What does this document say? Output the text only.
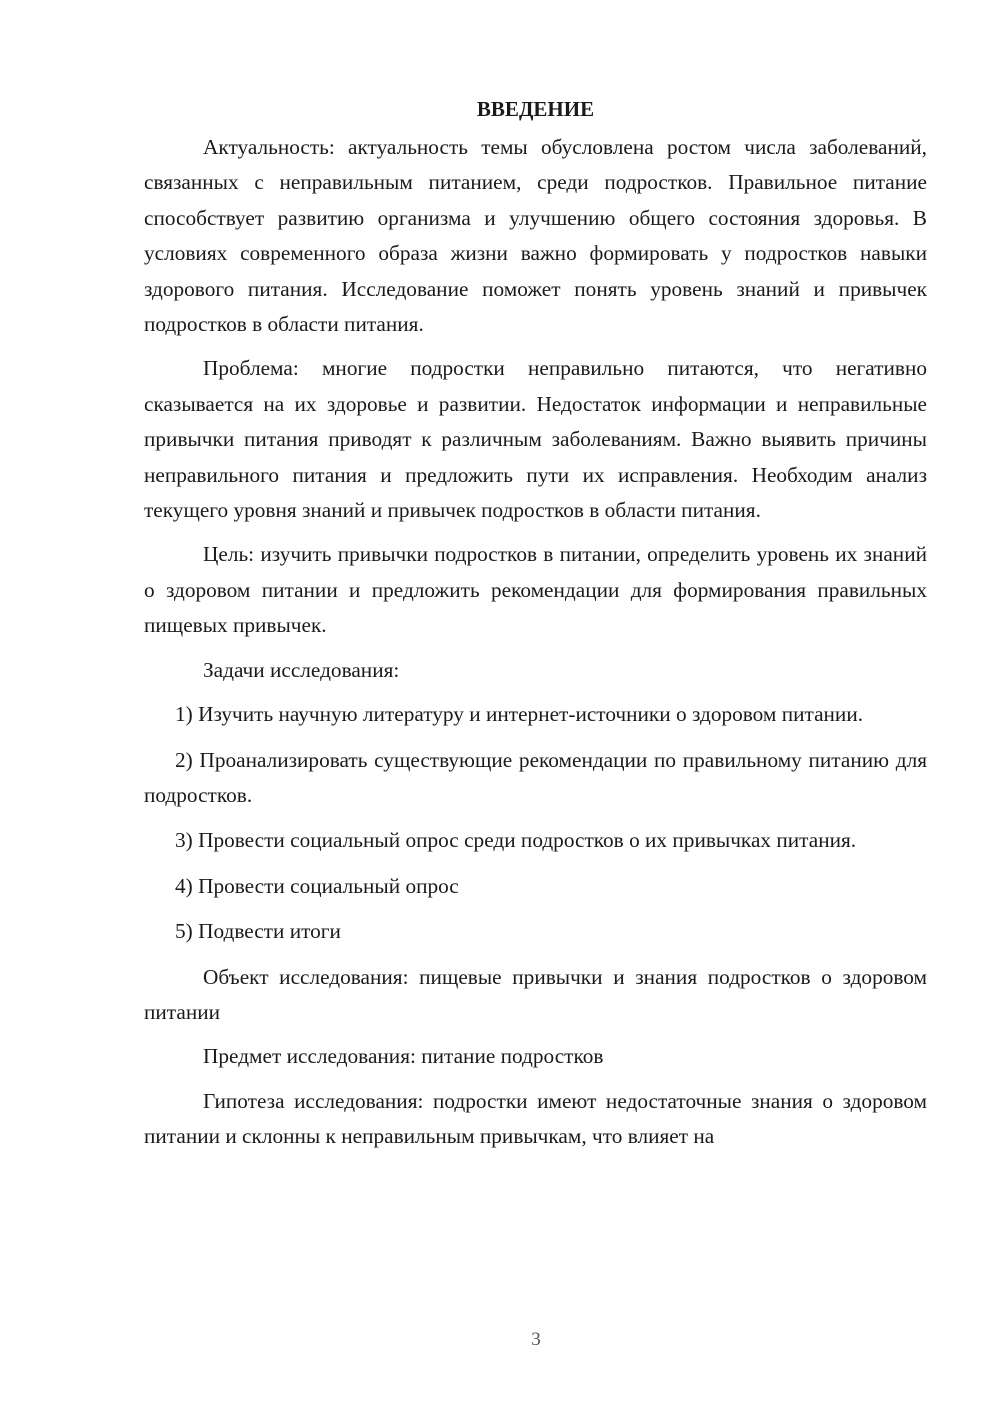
ВВЕДЕНИЕ

Актуальность: актуальность темы обусловлена ростом числа заболеваний, связанных с неправильным питанием, среди подростков. Правильное питание способствует развитию организма и улучшению общего состояния здоровья. В условиях современного образа жизни важно формировать у подростков навыки здорового питания. Исследование поможет понять уровень знаний и привычек подростков в области питания.

Проблема: многие подростки неправильно питаются, что негативно сказывается на их здоровье и развитии. Недостаток информации и неправильные привычки питания приводят к различным заболеваниям. Важно выявить причины неправильного питания и предложить пути их исправления. Необходим анализ текущего уровня знаний и привычек подростков в области питания.

Цель: изучить привычки подростков в питании, определить уровень их знаний о здоровом питании и предложить рекомендации для формирования правильных пищевых привычек.

Задачи исследования:

1) Изучить научную литературу и интернет-источники о здоровом питании.

2) Проанализировать существующие рекомендации по правильному питанию для подростков.

3) Провести социальный опрос среди подростков о их привычках питания.

4) Провести социальный опрос

5) Подвести итоги

Объект исследования: пищевые привычки и знания подростков о здоровом питании

Предмет исследования: питание подростков

Гипотеза исследования: подростки имеют недостаточные знания о здоровом питании и склонны к неправильным привычкам, что влияет на

3
